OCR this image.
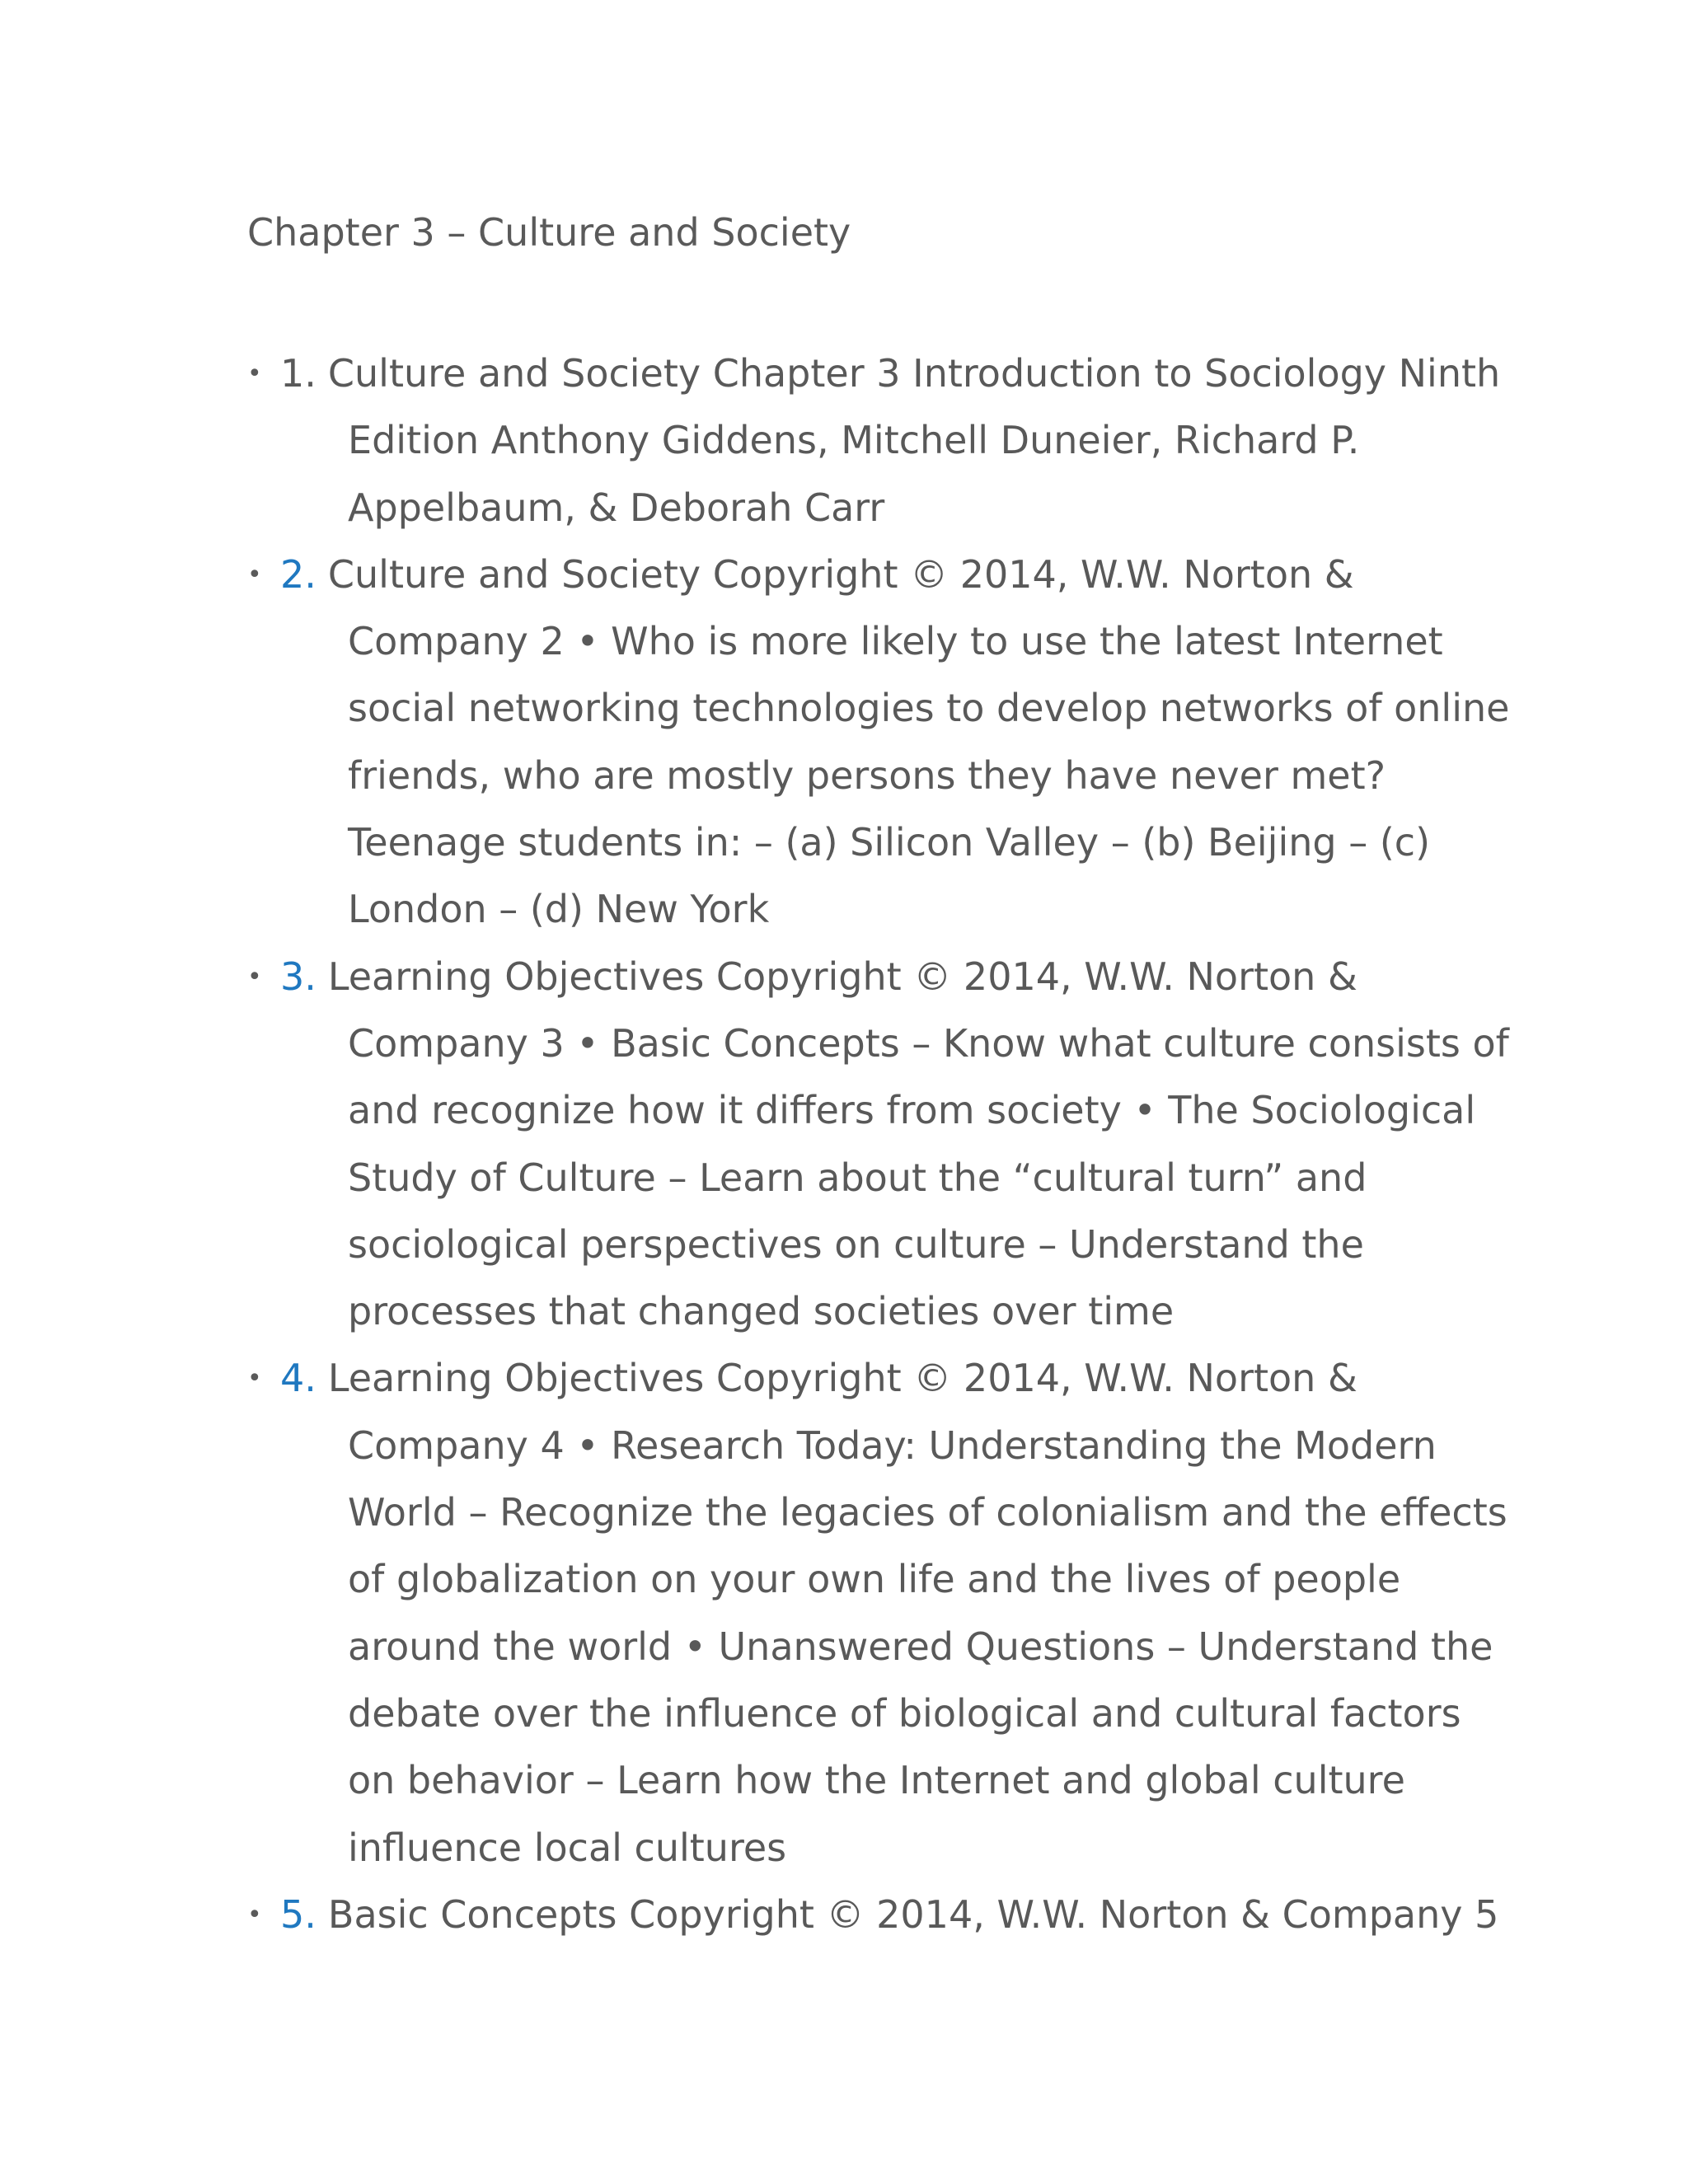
Chapter 3 – Culture and Society
• 1. Culture and Society Chapter 3 Introduction to Sociology Ninth
Edition Anthony Giddens, Mitchell Duneier, Richard P.
Appelbaum, & Deborah Carr
• 2. Culture and Society Copyright © 2014, W.W. Norton &
Company 2 • Who is more likely to use the latest Internet
social networking technologies to develop networks of online
friends, who are mostly persons they have never met?
Teenage students in: – (a) Silicon Valley – (b) Beijing – (c)
London – (d) New York
• 3. Learning Objectives Copyright © 2014, W.W. Norton &
Company 3 • Basic Concepts – Know what culture consists of
and recognize how it differs from society • The Sociological
Study of Culture – Learn about the “cultural turn” and
sociological perspectives on culture – Understand the
processes that changed societies over time
• 4. Learning Objectives Copyright © 2014, W.W. Norton &
Company 4 • Research Today: Understanding the Modern
World – Recognize the legacies of colonialism and the effects
of globalization on your own life and the lives of people
around the world • Unanswered Questions – Understand the
debate over the influence of biological and cultural factors
on behavior – Learn how the Internet and global culture
influence local cultures
• 5. Basic Concepts Copyright © 2014, W.W. Norton & Company 5
